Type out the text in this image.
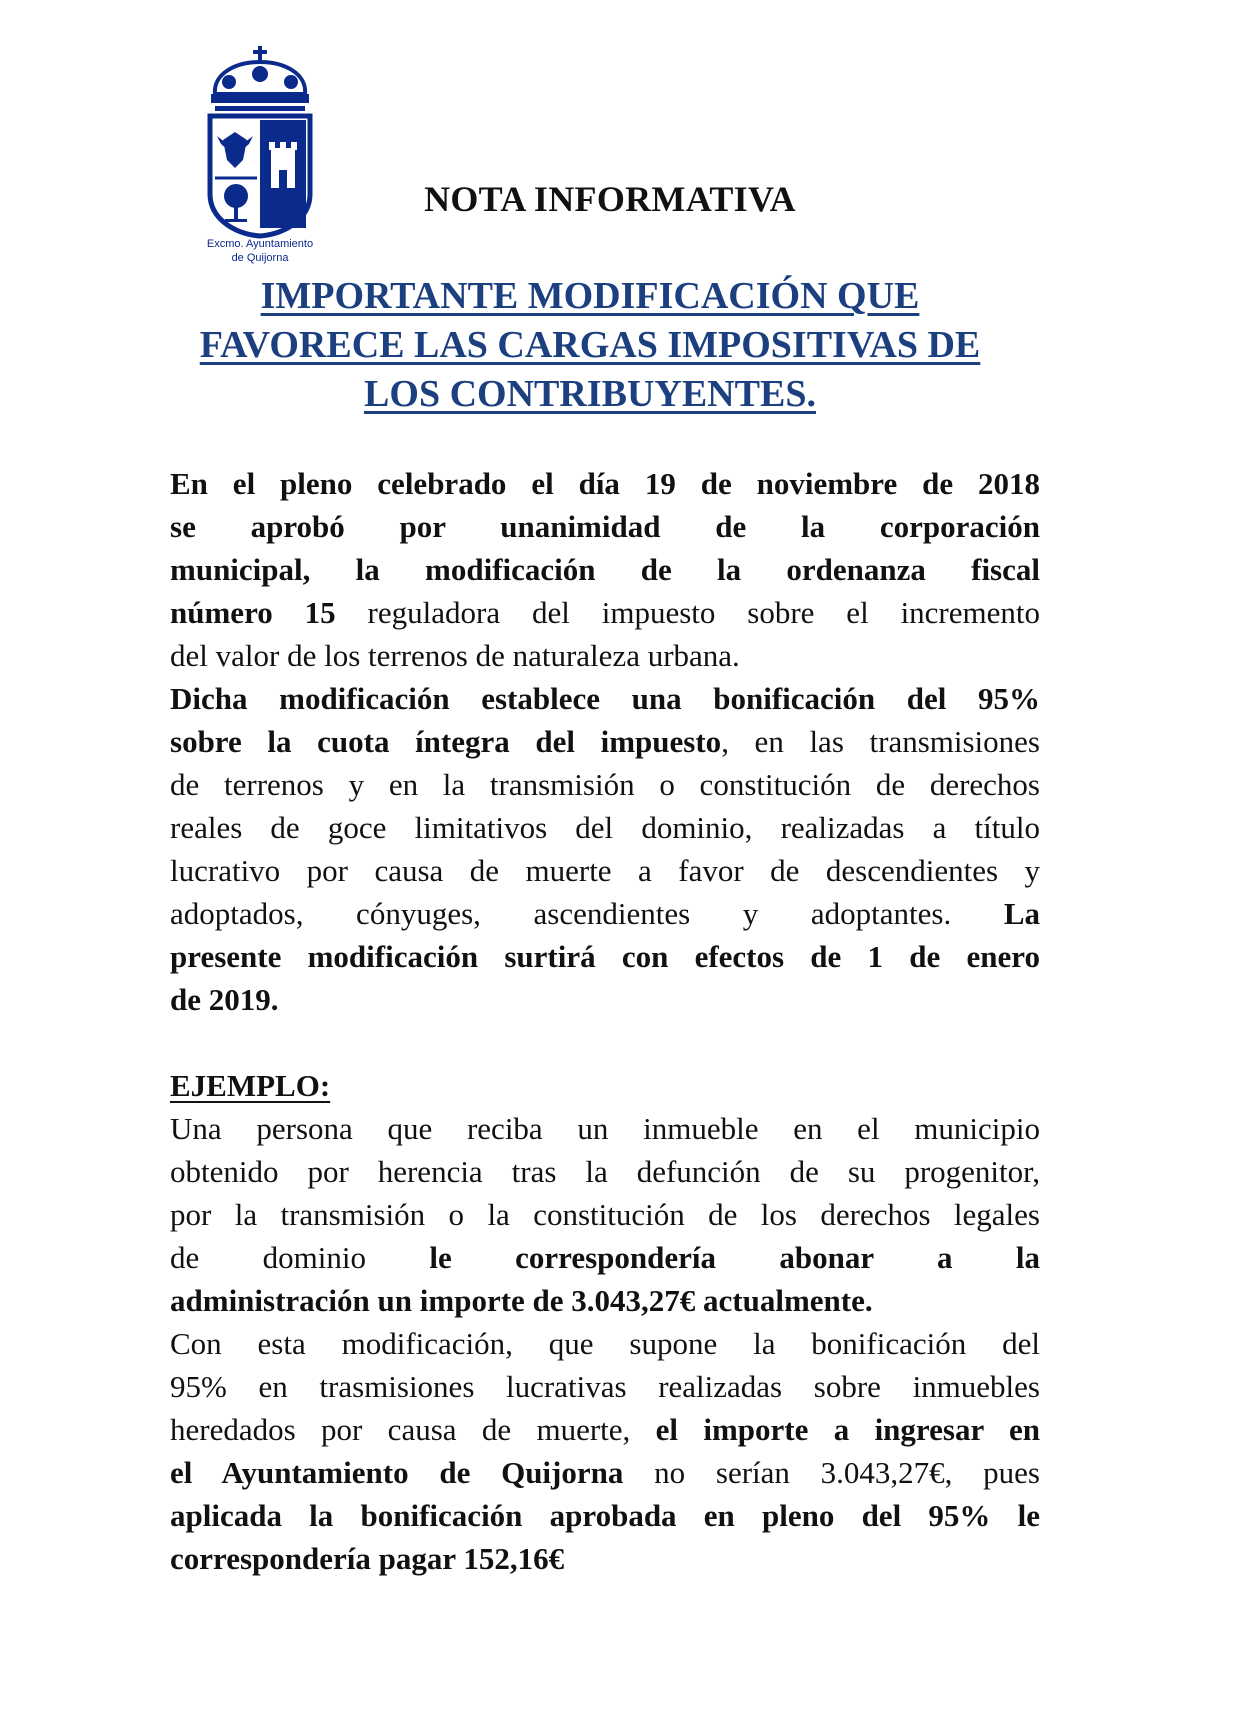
Excmo. Ayuntamiento
de Quijorna
NOTA INFORMATIVA
IMPORTANTE MODIFICACIÓN QUE
FAVORECE LAS CARGAS IMPOSITIVAS DE
LOS CONTRIBUYENTES.
En el pleno celebrado el día 19 de noviembre de 2018
se aprobó por unanimidad de la corporación
municipal, la modificación de la ordenanza fiscal
número 15 reguladora del impuesto sobre el incremento
del valor de los terrenos de naturaleza urbana.
Dicha modificación establece una bonificación del 95%
sobre la cuota íntegra del impuesto, en las transmisiones
de terrenos y en la transmisión o constitución de derechos
reales de goce limitativos del dominio, realizadas a título
lucrativo por causa de muerte a favor de descendientes y
adoptados, cónyuges, ascendientes y adoptantes. La
presente modificación surtirá con efectos de 1 de enero
de 2019.
EJEMPLO:
Una persona que reciba un inmueble en el municipio
obtenido por herencia tras la defunción de su progenitor,
por la transmisión o la constitución de los derechos legales
de dominio le correspondería abonar a la
administración un importe de 3.043,27€ actualmente.
Con esta modificación, que supone la bonificación del
95% en trasmisiones lucrativas realizadas sobre inmuebles
heredados por causa de muerte, el importe a ingresar en
el Ayuntamiento de Quijorna no serían 3.043,27€, pues
aplicada la bonificación aprobada en pleno del 95% le
correspondería pagar 152,16€
